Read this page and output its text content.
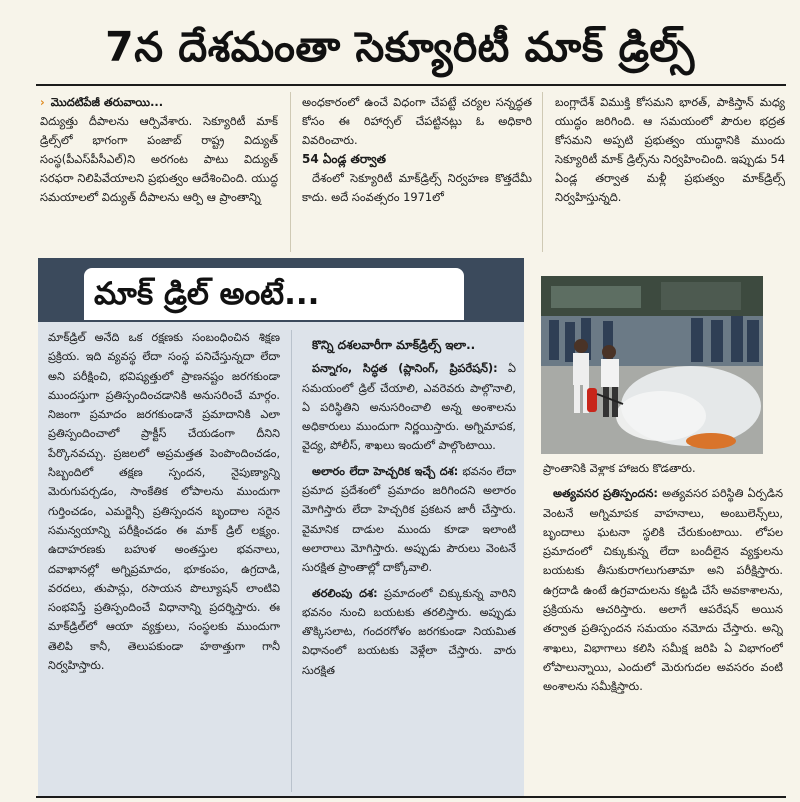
7న దేశమంతా సెక్యూరిటీ మాక్ డ్రిల్స్

› మొదటిపేజీ తరువాయి...

విద్యుత్తు దీపాలను ఆర్పివేశారు. సెక్యూరిటీ మాక్ డ్రిల్స్‌లో భాగంగా పంజాబ్ రాష్ట్ర విద్యుత్ సంస్థ(పీఎస్‌పీసీఎల్)ని అరగంట పాటు విద్యుత్ సరఫరా నిలిపివేయాలని ప్రభుత్వం ఆదేశించింది. యుద్ధ సమయాలలో విద్యుత్ దీపాలను ఆర్పి ఆ ప్రాంతాన్ని

అంధకారంలో ఉంచే విధంగా చేపట్టే చర్యల సన్నద్ధత కోసం ఈ రిహార్సల్ చేపట్టినట్లు ఓ అధికారి వివరించారు.

54 ఏండ్ల తర్వాత

దేశంలో సెక్యూరిటీ మాక్‌డ్రిల్స్ నిర్వహణ కొత్తదేమీ కాదు. అదే సంవత్సరం 1971లో

బంగ్లాదేశ్ విముక్తి కోసమని భారత్, పాకిస్తాన్ మధ్య యుద్ధం జరిగింది. ఆ సమయంలో పౌరుల భద్రత కోసమని అప్పటి ప్రభుత్వం యుద్ధానికి ముందు సెక్యూరిటీ మాక్ డ్రిల్స్‌ను నిర్వహించింది. ఇప్పుడు 54 ఏండ్ల తర్వాత మళ్లీ ప్రభుత్వం మాక్‌డ్రిల్స్ నిర్వహిస్తున్నది.

మాక్ డ్రిల్ అంటే...

మాక్‌డ్రిల్ అనేది ఒక రక్షణకు సంబంధించిన శిక్షణ ప్రక్రియ. ఇది వ్యవస్థ లేదా సంస్థ పనిచేస్తున్నదా లేదా అని పరీక్షించి, భవిష్యత్తులో ప్రాణనష్టం జరగకుండా ముందస్తుగా ప్రతిస్పందించడానికి అనుసరించే మార్గం. నిజంగా ప్రమాదం జరగకుండానే ప్రమాదానికి ఎలా ప్రతిస్పందించాలో ప్రాక్టీస్ చేయడంగా దీనిని పేర్కొనవచ్చు. ప్రజలలో అప్రమత్తత పెంపొందించడం, సిబ్బందిలో తక్షణ స్పందన, నైపుణ్యాన్ని మెరుగుపర్చడం, సాంకేతిక లోపాలను ముందుగా గుర్తించడం, ఎమర్జెన్సీ ప్రతిస్పందన బృందాల సరైన సమన్వయాన్ని పరీక్షించడం ఈ మాక్ డ్రిల్ లక్ష్యం. ఉదాహరణకు బహుళ అంతస్తుల భవనాలు, దవాఖానల్లో అగ్నిప్రమాదం, భూకంపం, ఉగ్రదాడి, వరదలు, తుపాన్లు, రసాయన పొల్యూషన్ లాంటివి సంభవిస్తే ప్రతిస్పందించే విధానాన్ని ప్రదర్శిస్తారు. ఈ మాక్‌డ్రిల్‌లో ఆయా వ్యక్తులు, సంస్థలకు ముందుగా తెలిపి కానీ, తెలుపకుండా హఠాత్తుగా గానీ నిర్వహిస్తారు.

కొన్ని దశలవారీగా మాక్‌డ్రిల్స్ ఇలా..

పన్నాగం, సిద్ధత (ప్లానింగ్, ప్రిపరేషన్): ఏ సమయంలో డ్రిల్ చేయాలి, ఎవరెవరు పాల్గొనాలి, ఏ పరిస్థితిని అనుసరించాలి అన్న అంశాలను అధికారులు ముందుగా నిర్ణయిస్తారు. అగ్నిమాపక, వైద్య, పోలీస్, శాఖలు ఇందులో పాల్గొంటాయి.

అలారం లేదా హెచ్చరిక ఇచ్చే దశ: భవనం లేదా ప్రమాద ప్రదేశంలో ప్రమాదం జరిగిందని అలారం మోగిస్తారు లేదా హెచ్చరిక ప్రకటన జారీ చేస్తారు. వైమానిక దాడుల ముందు కూడా ఇలాంటి అలారాలు మోగిస్తారు. అప్పుడు పౌరులు వెంటనే సురక్షిత ప్రాంతాల్లో దాక్కోవాలి.

తరలింపు దశ: ప్రమాదంలో చిక్కుకున్న వారిని భవనం నుంచి బయటకు తరలిస్తారు. అప్పుడు తొక్కిసలాట, గందరగోళం జరగకుండా నియమిత విధానంలో బయటకు వెళ్లేలా చేస్తారు. వారు సురక్షిత

ప్రాంతానికి వెళ్లాక హాజరు కొడతారు.

అత్యవసర ప్రతిస్పందన: అత్యవసర పరిస్థితి ఏర్పడిన వెంటనే అగ్నిమాపక వాహనాలు, అంబులెన్స్‌లు, బృందాలు ఘటనా స్థలికి చేరుకుంటాయి. లోపల ప్రమాదంలో చిక్కుకున్న లేదా బందీలైన వ్యక్తులను బయటకు తీసుకురాగలుగుతామా అని పరీక్షిస్తారు. ఉగ్రదాడి ఉంటే ఉగ్రవాదులను కట్టడి చేసే అవకాశాలను, ప్రక్రియను ఆచరిస్తారు. అలాగే ఆపరేషన్ అయిన తర్వాత ప్రతిస్పందన సమయం నమోదు చేస్తారు. అన్ని శాఖలు, విభాగాలు కలిసి సమీక్ష జరిపి ఏ విభాగంలో లోపాలున్నాయి, ఎందులో మెరుగుదల అవసరం వంటి అంశాలను సమీక్షిస్తారు.
